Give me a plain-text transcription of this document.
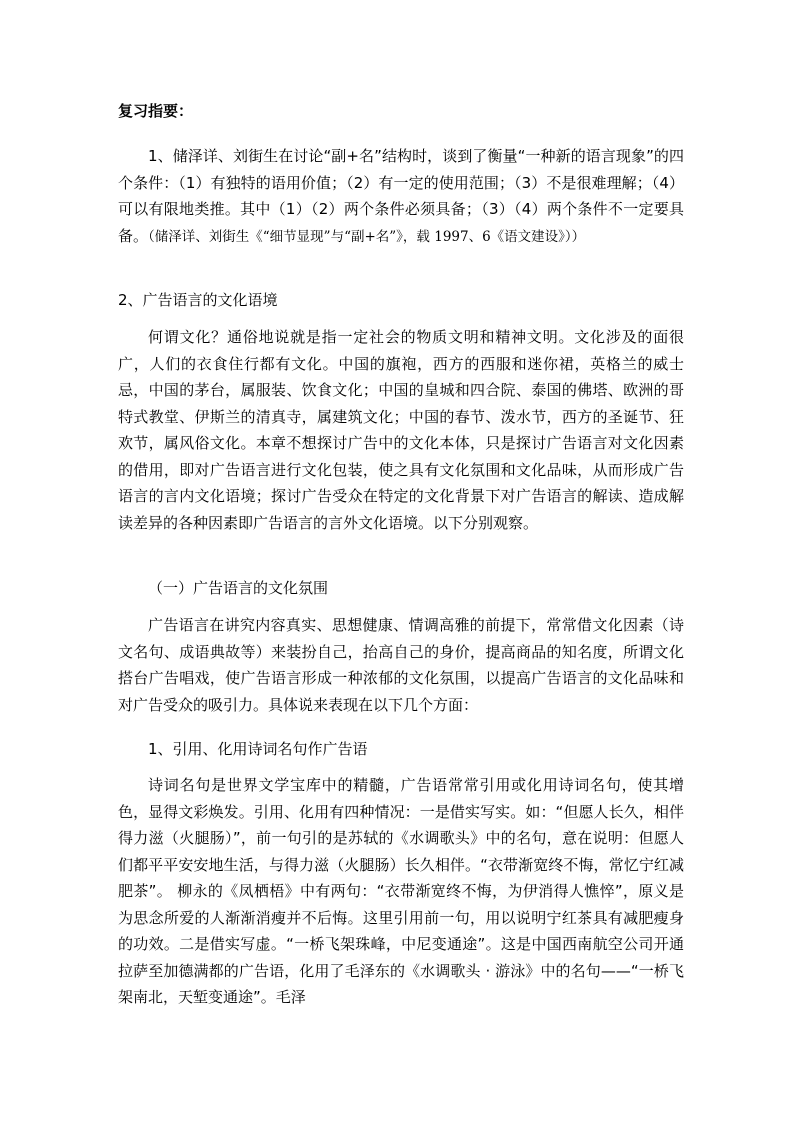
复习指要：

1、储泽详、刘街生在讨论“副+名”结构时，谈到了衡量“一种新的语言现象”的四个条件：（1）有独特的语用价值；（2）有一定的使用范围；（3）不是很难理解；（4）可以有限地类推。其中（1）（2）两个条件必须具备；（3）（4）两个条件不一定要具备。（储泽详、刘街生《“细节显现”与“副+名”》，载 1997、6《语文建设》））

2、广告语言的文化语境

何谓文化？通俗地说就是指一定社会的物质文明和精神文明。文化涉及的面很广，人们的衣食住行都有文化。中国的旗袍，西方的西服和迷你裙，英格兰的威士忌，中国的茅台，属服装、饮食文化；中国的皇城和四合院、泰国的佛塔、欧洲的哥特式教堂、伊斯兰的清真寺，属建筑文化；中国的春节、泼水节，西方的圣诞节、狂欢节，属风俗文化。本章不想探讨广告中的文化本体，只是探讨广告语言对文化因素的借用，即对广告语言进行文化包装，使之具有文化氛围和文化品味，从而形成广告语言的言内文化语境；探讨广告受众在特定的文化背景下对广告语言的解读、造成解读差异的各种因素即广告语言的言外文化语境。以下分别观察。

（一）广告语言的文化氛围

广告语言在讲究内容真实、思想健康、情调高雅的前提下，常常借文化因素（诗文名句、成语典故等）来装扮自己，抬高自己的身价，提高商品的知名度，所谓文化搭台广告唱戏，使广告语言形成一种浓郁的文化氛围，以提高广告语言的文化品味和对广告受众的吸引力。具体说来表现在以下几个方面：

1、引用、化用诗词名句作广告语

诗词名句是世界文学宝库中的精髓，广告语常常引用或化用诗词名句，使其增色，显得文彩焕发。引用、化用有四种情况：一是借实写实。如：“但愿人长久，相伴得力滋（火腿肠）”，前一句引的是苏轼的《水调歌头》中的名句，意在说明：但愿人们都平平安安地生活，与得力滋（火腿肠）长久相伴。“衣带渐宽终不悔，常忆宁红减肥茶”。 柳永的《凤栖梧》中有两句：“衣带渐宽终不悔，为伊消得人憔悴”，原义是为思念所爱的人渐渐消瘦并不后悔。这里引用前一句，用以说明宁红茶具有减肥瘦身的功效。二是借实写虚。“一桥飞架珠峰，中尼变通途”。这是中国西南航空公司开通拉萨至加德满都的广告语，化用了毛泽东的《水调歌头 · 游泳》中的名句——“一桥飞架南北，天堑变通途”。毛泽
